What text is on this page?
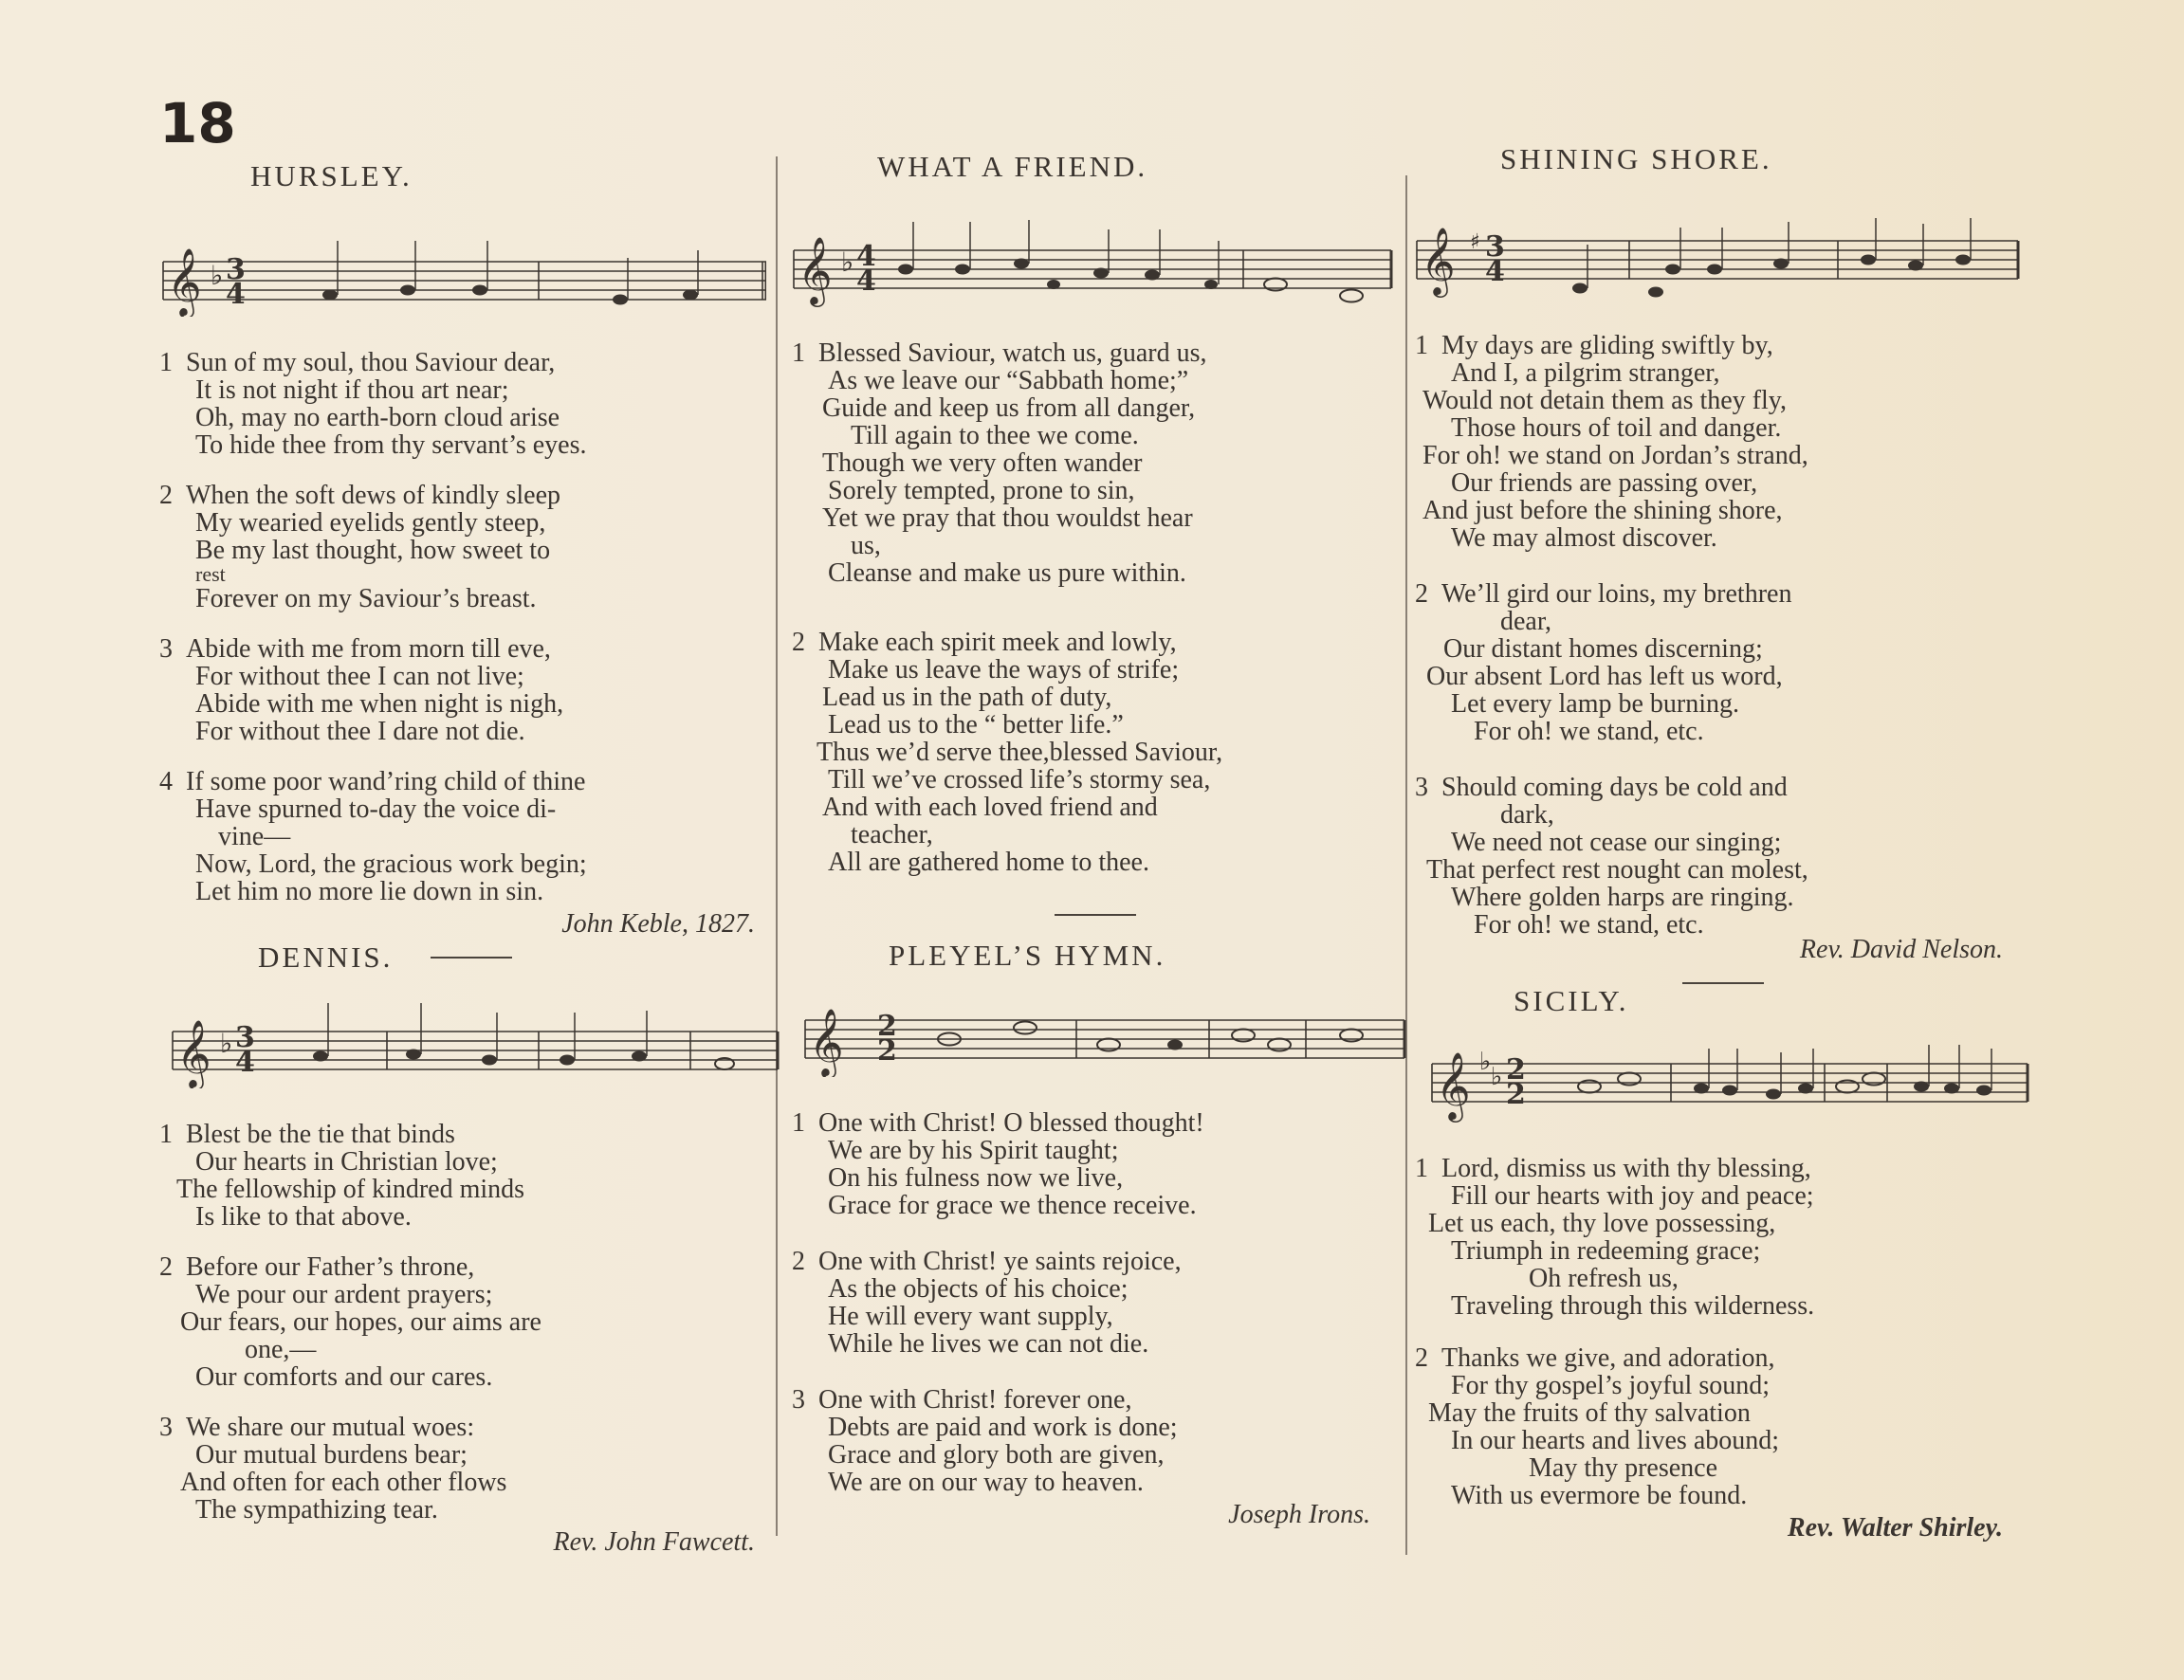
18
HURSLEY.
𝄞 ♭ 3
4
1 Sun of my soul, thou Saviour dear,
It is not night if thou art near;
Oh, may no earth-born cloud arise
To hide thee from thy servant’s eyes.
2 When the soft dews of kindly sleep
My wearied eyelids gently steep,
Be my last thought, how sweet to
rest
Forever on my Saviour’s breast.
3 Abide with me from morn till eve,
For without thee I can not live;
Abide with me when night is nigh,
For without thee I dare not die.
4 If some poor wand’ring child of thine
Have spurned to-day the voice di-
vine—
Now, Lord, the gracious work begin;
Let him no more lie down in sin.
John Keble, 1827.
DENNIS.
𝄞 ♭ 3
4
1 Blest be the tie that binds
Our hearts in Christian love;
The fellowship of kindred minds
Is like to that above.
2 Before our Father’s throne,
We pour our ardent prayers;
Our fears, our hopes, our aims are
one,—
Our comforts and our cares.
3 We share our mutual woes:
Our mutual burdens bear;
And often for each other flows
The sympathizing tear.
Rev. John Fawcett.
WHAT A FRIEND.
𝄞 ♭ 4
4
1 Blessed Saviour, watch us, guard us,
As we leave our “Sabbath home;”
Guide and keep us from all danger,
Till again to thee we come.
Though we very often wander
Sorely tempted, prone to sin,
Yet we pray that thou wouldst hear
us,
Cleanse and make us pure within.
2 Make each spirit meek and lowly,
Make us leave the ways of strife;
Lead us in the path of duty,
Lead us to the “ better life.”
Thus we’d serve thee,blessed Saviour,
Till we’ve crossed life’s stormy sea,
And with each loved friend and
teacher,
All are gathered home to thee.
PLEYEL’S HYMN.
𝄞 2
2
1 One with Christ! O blessed thought!
We are by his Spirit taught;
On his fulness now we live,
Grace for grace we thence receive.
2 One with Christ! ye saints rejoice,
As the objects of his choice;
He will every want supply,
While he lives we can not die.
3 One with Christ! forever one,
Debts are paid and work is done;
Grace and glory both are given,
We are on our way to heaven.
Joseph Irons.
SHINING SHORE.
𝄞 ♯ 3
4
1 My days are gliding swiftly by,
And I, a pilgrim stranger,
Would not detain them as they fly,
Those hours of toil and danger.
For oh! we stand on Jordan’s strand,
Our friends are passing over,
And just before the shining shore,
We may almost discover.
2 We’ll gird our loins, my brethren
dear,
Our distant homes discerning;
Our absent Lord has left us word,
Let every lamp be burning.
For oh! we stand, etc.
3 Should coming days be cold and
dark,
We need not cease our singing;
That perfect rest nought can molest,
Where golden harps are ringing.
For oh! we stand, etc.
Rev. David Nelson.
SICILY.
𝄞 ♭
♭ 2
2
1 Lord, dismiss us with thy blessing,
Fill our hearts with joy and peace;
Let us each, thy love possessing,
Triumph in redeeming grace;
Oh refresh us,
Traveling through this wilderness.
2 Thanks we give, and adoration,
For thy gospel’s joyful sound;
May the fruits of thy salvation
In our hearts and lives abound;
May thy presence
With us evermore be found.
Rev. Walter Shirley.
